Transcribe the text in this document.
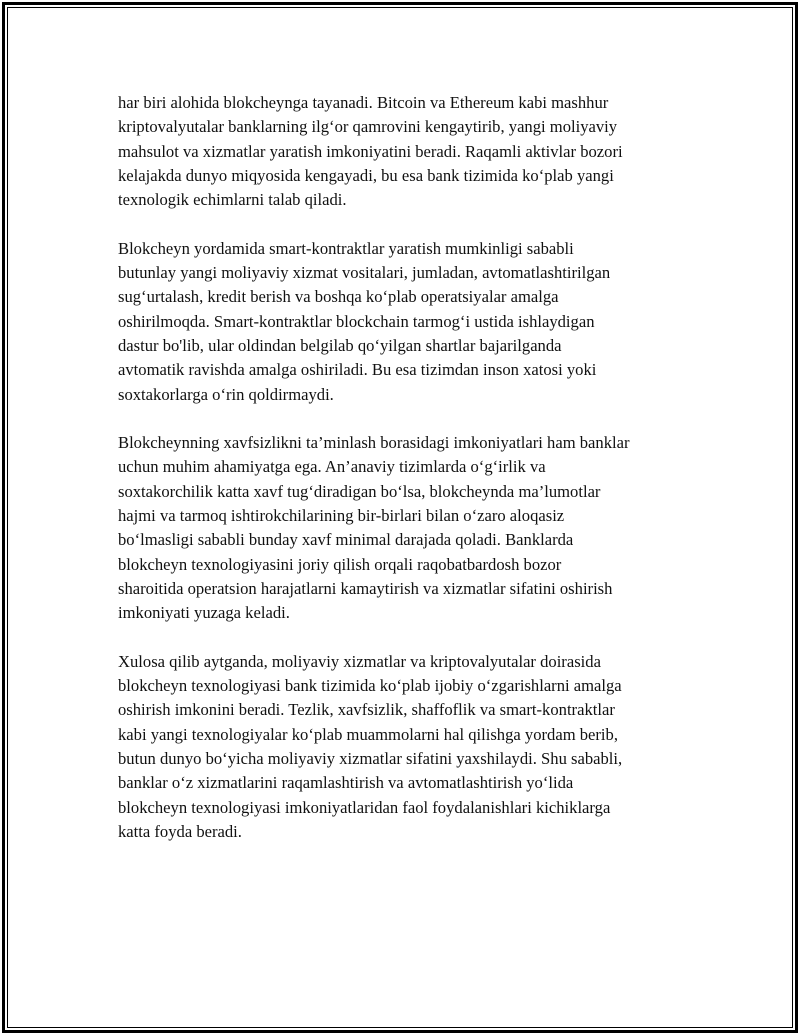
har biri alohida blokcheynga tayanadi. Bitcoin va Ethereum kabi mashhur
kriptovalyutalar banklarning ilg‘or qamrovini kengaytirib, yangi moliyaviy
mahsulot va xizmatlar yaratish imkoniyatini beradi. Raqamli aktivlar bozori
kelajakda dunyo miqyosida kengayadi, bu esa bank tizimida ko‘plab yangi
texnologik echimlarni talab qiladi.

Blokcheyn yordamida smart-kontraktlar yaratish mumkinligi sababli
butunlay yangi moliyaviy xizmat vositalari, jumladan, avtomatlashtirilgan
sug‘urtalash, kredit berish va boshqa ko‘plab operatsiyalar amalga
oshirilmoqda. Smart-kontraktlar blockchain tarmog‘i ustida ishlaydigan
dastur bo'lib, ular oldindan belgilab qo‘yilgan shartlar bajarilganda
avtomatik ravishda amalga oshiriladi. Bu esa tizimdan inson xatosi yoki
soxtakorlarga o‘rin qoldirmaydi.

Blokcheynning xavfsizlikni ta’minlash borasidagi imkoniyatlari ham banklar
uchun muhim ahamiyatga ega. An’anaviy tizimlarda o‘g‘irlik va
soxtakorchilik katta xavf tug‘diradigan bo‘lsa, blokcheynda ma’lumotlar
hajmi va tarmoq ishtirokchilarining bir-birlari bilan o‘zaro aloqasiz
bo‘lmasligi sababli bunday xavf minimal darajada qoladi. Banklarda
blokcheyn texnologiyasini joriy qilish orqali raqobatbardosh bozor
sharoitida operatsion harajatlarni kamaytirish va xizmatlar sifatini oshirish
imkoniyati yuzaga keladi.

Xulosa qilib aytganda, moliyaviy xizmatlar va kriptovalyutalar doirasida
blokcheyn texnologiyasi bank tizimida ko‘plab ijobiy o‘zgarishlarni amalga
oshirish imkonini beradi. Tezlik, xavfsizlik, shaffoflik va smart-kontraktlar
kabi yangi texnologiyalar ko‘plab muammolarni hal qilishga yordam berib,
butun dunyo bo‘yicha moliyaviy xizmatlar sifatini yaxshilaydi. Shu sababli,
banklar o‘z xizmatlarini raqamlashtirish va avtomatlashtirish yo‘lida
blokcheyn texnologiyasi imkoniyatlaridan faol foydalanishlari kichiklarga
katta foyda beradi.
